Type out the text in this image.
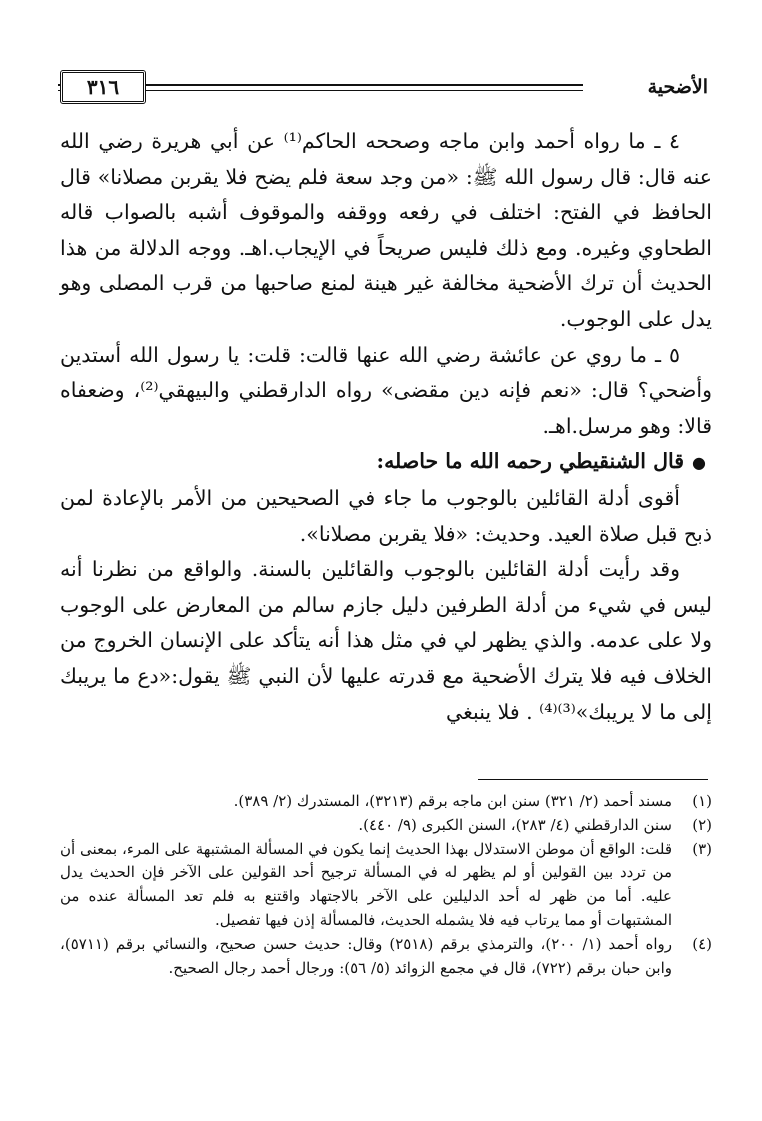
الأضحية
٣١٦

٤ ـ ما رواه أحمد وابن ماجه وصححه الحاكم⁽¹⁾ عن أبي هريرة رضي الله عنه قال: قال رسول الله ﷺ: «من وجد سعة فلم يضح فلا يقربن مصلانا» قال الحافظ في الفتح: اختلف في رفعه ووقفه والموقوف أشبه بالصواب قاله الطحاوي وغيره. ومع ذلك فليس صريحاً في الإيجاب.اهـ. ووجه الدلالة من هذا الحديث أن ترك الأضحية مخالفة غير هينة لمنع صاحبها من قرب المصلى وهو يدل على الوجوب.

٥ ـ ما روي عن عائشة رضي الله عنها قالت: قلت: يا رسول الله أستدين وأضحي؟ قال: «نعم فإنه دين مقضى» رواه الدارقطني والبيهقي⁽²⁾، وضعفاه قالا: وهو مرسل.اهـ.

●قال الشنقيطي رحمه الله ما حاصله:

أقوى أدلة القائلين بالوجوب ما جاء في الصحيحين من الأمر بالإعادة لمن ذبح قبل صلاة العيد. وحديث: «فلا يقربن مصلانا».

وقد رأيت أدلة القائلين بالوجوب والقائلين بالسنة. والواقع من نظرنا أنه ليس في شيء من أدلة الطرفين دليل جازم سالم من المعارض على الوجوب ولا على عدمه. والذي يظهر لي في مثل هذا أنه يتأكد على الإنسان الخروج من الخلاف فيه فلا يترك الأضحية مع قدرته عليها لأن النبي ﷺ يقول:«دع ما يريبك إلى ما لا يريبك»⁽³⁾⁽⁴⁾ . فلا ينبغي

(١)
مسند أحمد (٢/ ٣٢١) سنن ابن ماجه برقم (٣٢١٣)، المستدرك (٢/ ٣٨٩).
(٢)
سنن الدارقطني (٤/ ٢٨٣)، السنن الكبرى (٩/ ٤٤٠).
(٣)
قلت: الواقع أن موطن الاستدلال بهذا الحديث إنما يكون في المسألة المشتبهة على المرء، بمعنى أن من تردد بين القولين أو لم يظهر له في المسألة ترجيح أحد القولين على الآخر فإن الحديث يدل عليه. أما من ظهر له أحد الدليلين على الآخر بالاجتهاد واقتنع به فلم تعد المسألة عنده من المشتبهات أو مما يرتاب فيه فلا يشمله الحديث، فالمسألة إذن فيها تفصيل.
(٤)
رواه أحمد (١/ ٢٠٠)، والترمذي برقم (٢٥١٨) وقال: حديث حسن صحيح، والنسائي برقم (٥٧١١)، وابن حبان برقم (٧٢٢)، قال في مجمع الزوائد (٥/ ٥٦): ورجال أحمد رجال الصحيح.
